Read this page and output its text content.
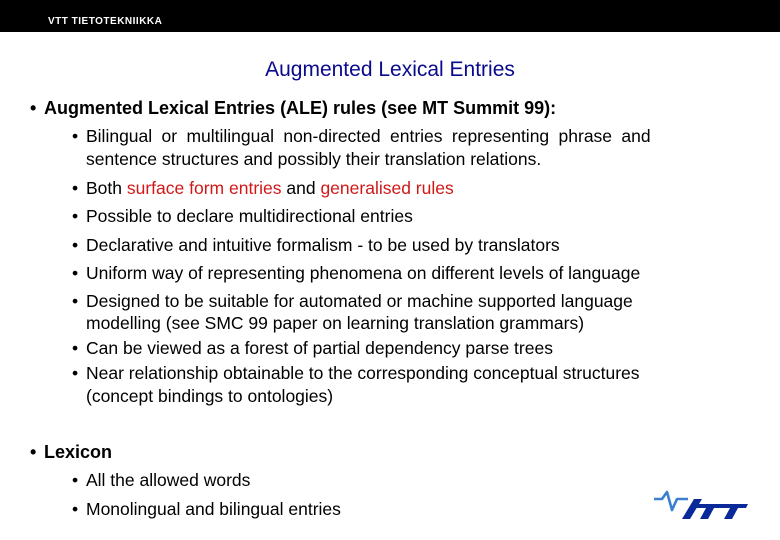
VTT TIETOTEKNIIKKA
Augmented Lexical Entries
• Augmented Lexical Entries (ALE) rules (see MT Summit 99):
• Bilingual or multilingual non-directed entries representing phrase and
sentence structures and possibly their translation relations.
• Both surface form entries and generalised rules
• Possible to declare multidirectional entries
• Declarative and intuitive formalism - to be used by translators
• Uniform way of representing phenomena on different levels of language
• Designed to be suitable for automated or machine supported language
modelling (see SMC 99 paper on learning translation grammars)
• Can be viewed as a forest of partial dependency parse trees
• Near relationship obtainable to the corresponding conceptual structures
(concept bindings to ontologies)
• Lexicon
• All the allowed words
• Monolingual and bilingual entries
